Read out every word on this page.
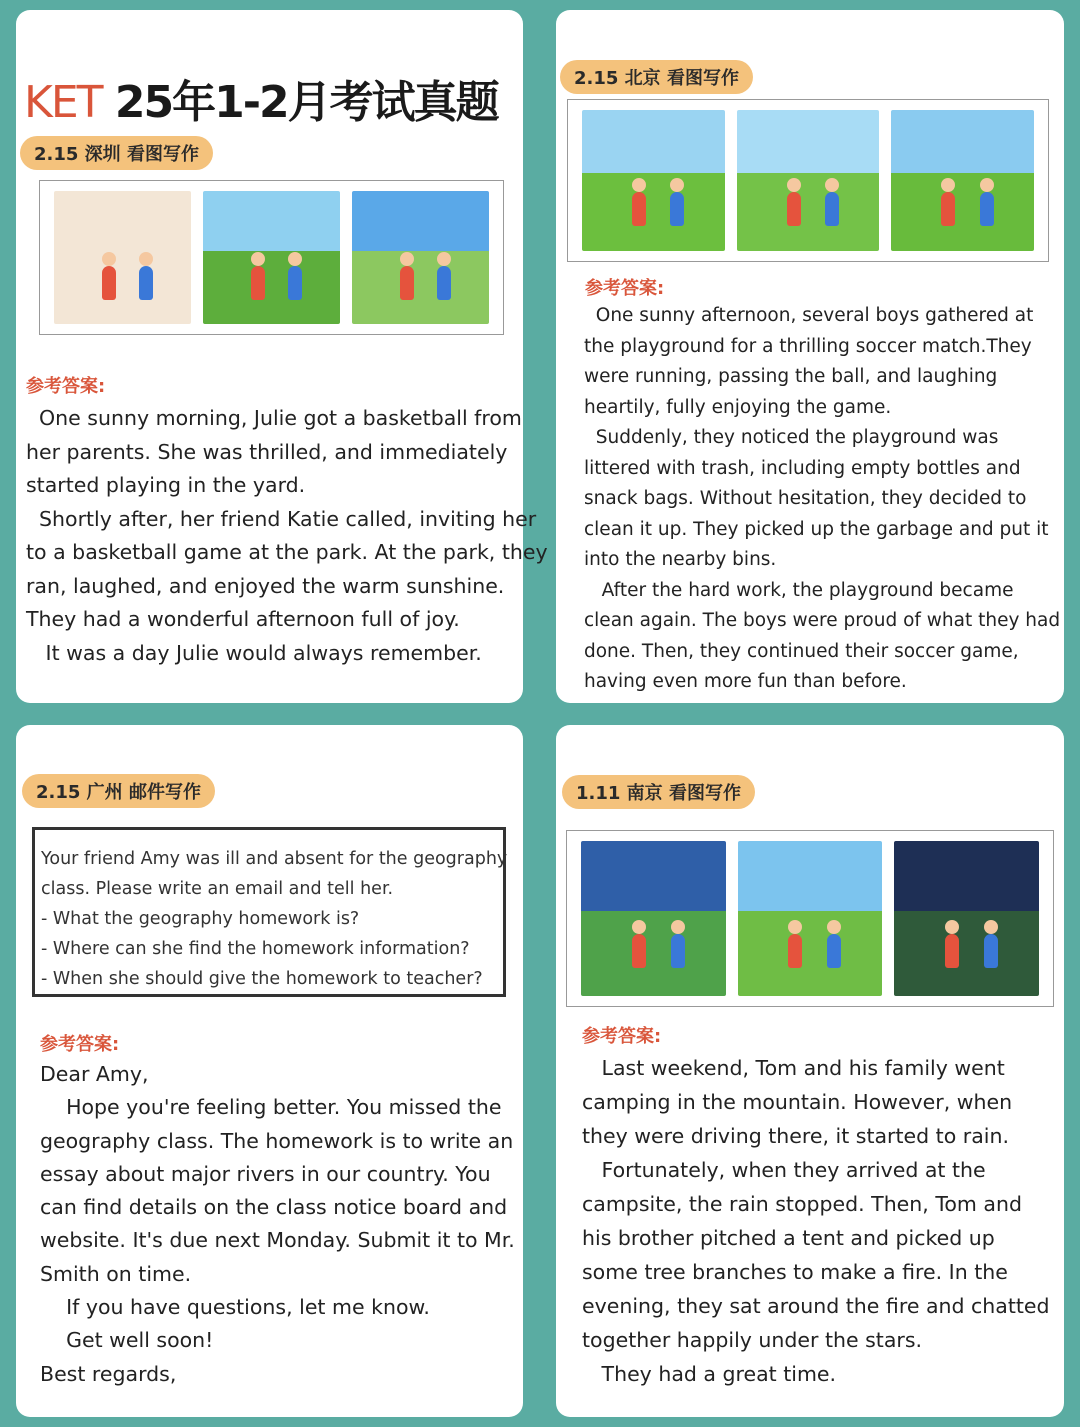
KET 25年1-2月考试真题
2.15 深圳 看图写作
参考答案:
One sunny morning, Julie got a basketball from
her parents. She was thrilled, and immediately
started playing in the yard.
Shortly after, her friend Katie called, inviting her
to a basketball game at the park. At the park, they
ran, laughed, and enjoyed the warm sunshine.
They had a wonderful afternoon full of joy.
It was a day Julie would always remember.
2.15 北京 看图写作
参考答案:
One sunny afternoon, several boys gathered at
the playground for a thrilling soccer match.They
were running, passing the ball, and laughing
heartily, fully enjoying the game.
Suddenly, they noticed the playground was
littered with trash, including empty bottles and
snack bags. Without hesitation, they decided to
clean it up. They picked up the garbage and put it
into the nearby bins.
After the hard work, the playground became
clean again. The boys were proud of what they had
done. Then, they continued their soccer game,
having even more fun than before.
2.15 广州 邮件写作
Your friend Amy was ill and absent for the geography
class. Please write an email and tell her.
- What the geography homework is?
- Where can she find the homework information?
- When she should give the homework to teacher?
参考答案:
Dear Amy,
Hope you're feeling better. You missed the
geography class. The homework is to write an
essay about major rivers in our country. You
can find details on the class notice board and
website. It's due next Monday. Submit it to Mr.
Smith on time.
If you have questions, let me know.
Get well soon!
Best regards,
1.11 南京 看图写作
参考答案:
Last weekend, Tom and his family went
camping in the mountain. However, when
they were driving there, it started to rain.
Fortunately, when they arrived at the
campsite, the rain stopped. Then, Tom and
his brother pitched a tent and picked up
some tree branches to make a fire. In the
evening, they sat around the fire and chatted
together happily under the stars.
They had a great time.
